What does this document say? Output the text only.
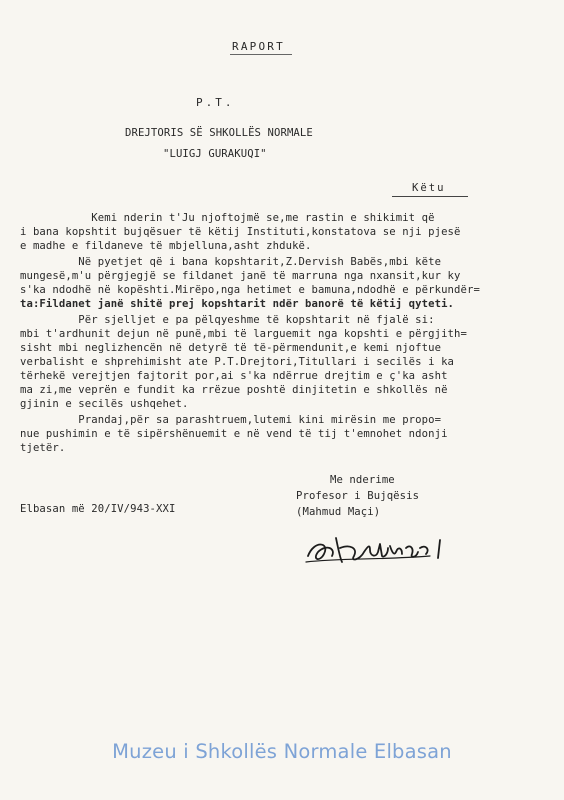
RAPORT
P.T.
DREJTORIS SË SHKOLLËS NORMALE
"LUIGJ GURAKUQI"
Këtu
Kemi nderin t'Ju njoftojmë se,me rastin e shikimit që
i bana kopshtit bujqësuer të këtij Instituti,konstatova se nji pjesë
e madhe e fildaneve të mbjelluna,asht zhdukë.
Në pyetjet që i bana kopshtarit,Z.Dervish Babës,mbi këte
mungesë,m'u përgjegjë se fildanet janë të marruna nga nxansit,kur ky
s'ka ndodhë në kopështi.Mirëpo,nga hetimet e bamuna,ndodhë e përkundër=
ta:Fildanet janë shitë prej kopshtarit ndër banorë të këtij qyteti.
Për sjelljet e pa pëlqyeshme të kopshtarit në fjalë si:
mbi t'ardhunit dejun në punë,mbi të larguemit nga kopshti e përgjith=
sisht mbi neglizhencën në detyrë të të-përmendunit,e kemi njoftue
verbalisht e shprehimisht ate P.T.Drejtori,Titullari i secilës i ka
tërhekë verejtjen fajtorit por,ai s'ka ndërrue drejtim e ç'ka asht
ma zi,me veprën e fundit ka rrëzue poshtë dinjitetin e shkollës në
gjinin e secilës ushqehet.
Prandaj,për sa parashtruem,lutemi kini mirësin me propo=
nue pushimin e të sipërshënuemit e në vend të tij t'emnohet ndonji
tjetër.
Me nderime
Profesor i Bujqësis
(Mahmud Maçi)
Elbasan më 20/IV/943-XXI
Muzeu i Shkollës Normale Elbasan
